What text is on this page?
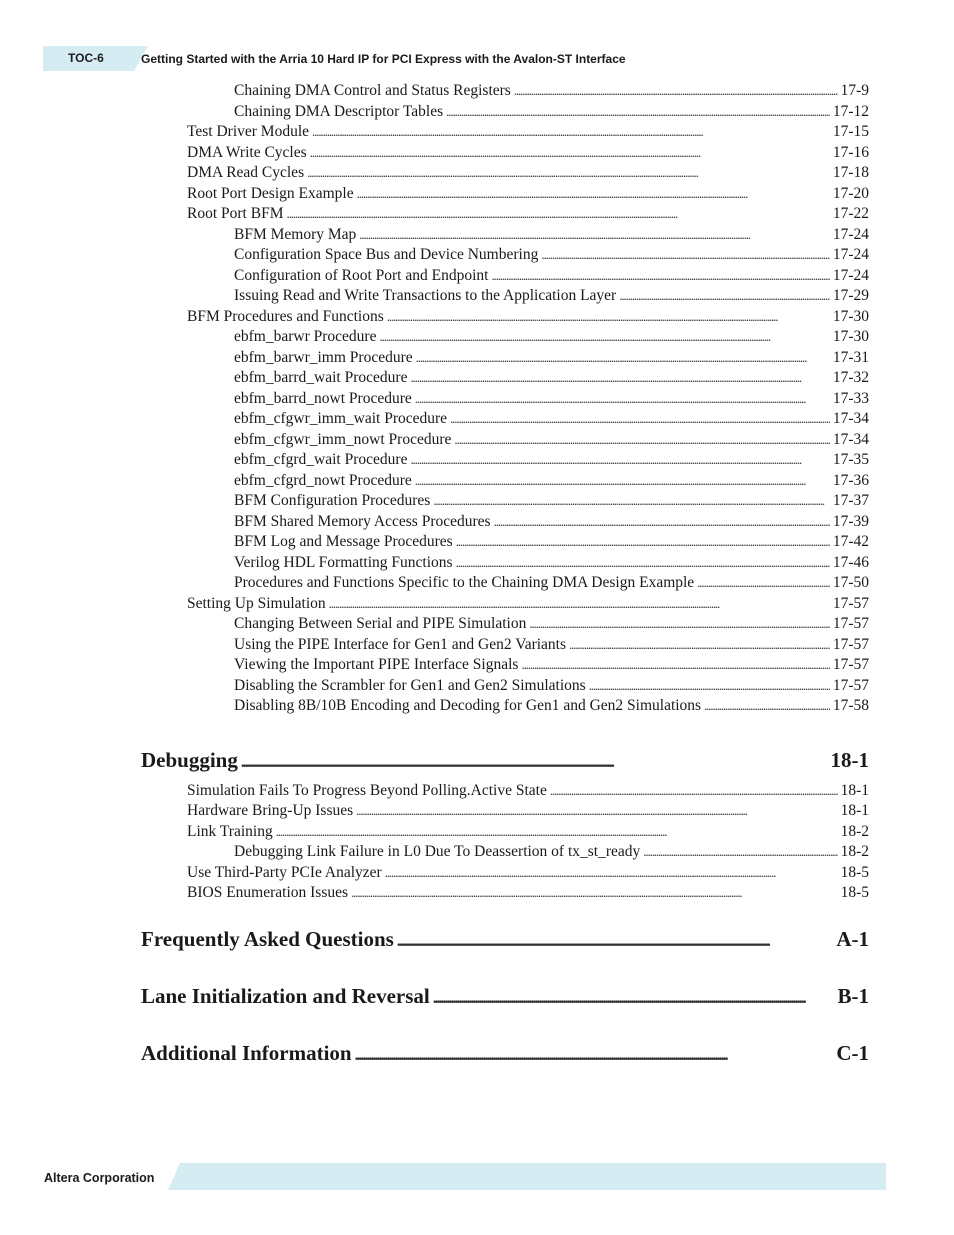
TOC-6	Getting Started with the Arria 10 Hard IP for PCI Express with the Avalon-ST Interface
Chaining DMA Control and Status Registers . . .	17-9
Chaining DMA Descriptor Tables . . .	17-12
Test Driver Module . . .	17-15
DMA Write Cycles . . .	17-16
DMA Read Cycles . . .	17-18
Root Port Design Example . . .	17-20
Root Port BFM . . .	17-22
BFM Memory Map . . .	17-24
Configuration Space Bus and Device Numbering . . .	17-24
Configuration of Root Port and Endpoint . . .	17-24
Issuing Read and Write Transactions to the Application Layer . . .	17-29
BFM Procedures and Functions . . .	17-30
ebfm_barwr Procedure . . .	17-30
ebfm_barwr_imm Procedure . . .	17-31
ebfm_barrd_wait Procedure . . .	17-32
ebfm_barrd_nowt Procedure . . .	17-33
ebfm_cfgwr_imm_wait Procedure . . .	17-34
ebfm_cfgwr_imm_nowt Procedure . . .	17-34
ebfm_cfgrd_wait Procedure . . .	17-35
ebfm_cfgrd_nowt Procedure . . .	17-36
BFM Configuration Procedures . . .	17-37
BFM Shared Memory Access Procedures . . .	17-39
BFM Log and Message Procedures . . .	17-42
Verilog HDL Formatting Functions . . .	17-46
Procedures and Functions Specific to the Chaining DMA Design Example . . .	17-50
Setting Up Simulation . . .	17-57
Changing Between Serial and PIPE Simulation . . .	17-57
Using the PIPE Interface for Gen1 and Gen2 Variants . . .	17-57
Viewing the Important PIPE Interface Signals . . .	17-57
Disabling the Scrambler for Gen1 and Gen2 Simulations . . .	17-57
Disabling 8B/10B Encoding and Decoding for Gen1 and Gen2 Simulations . . .	17-58
Debugging . . .	18-1
Simulation Fails To Progress Beyond Polling.Active State . . .	18-1
Hardware Bring-Up Issues . . .	18-1
Link Training . . .	18-2
Debugging Link Failure in L0 Due To Deassertion of tx_st_ready . . .	18-2
Use Third-Party PCIe Analyzer . . .	18-5
BIOS Enumeration Issues . . .	18-5
Frequently Asked Questions . . .	A-1
Lane Initialization and Reversal . . .	B-1
Additional Information . . .	C-1
Altera Corporation
